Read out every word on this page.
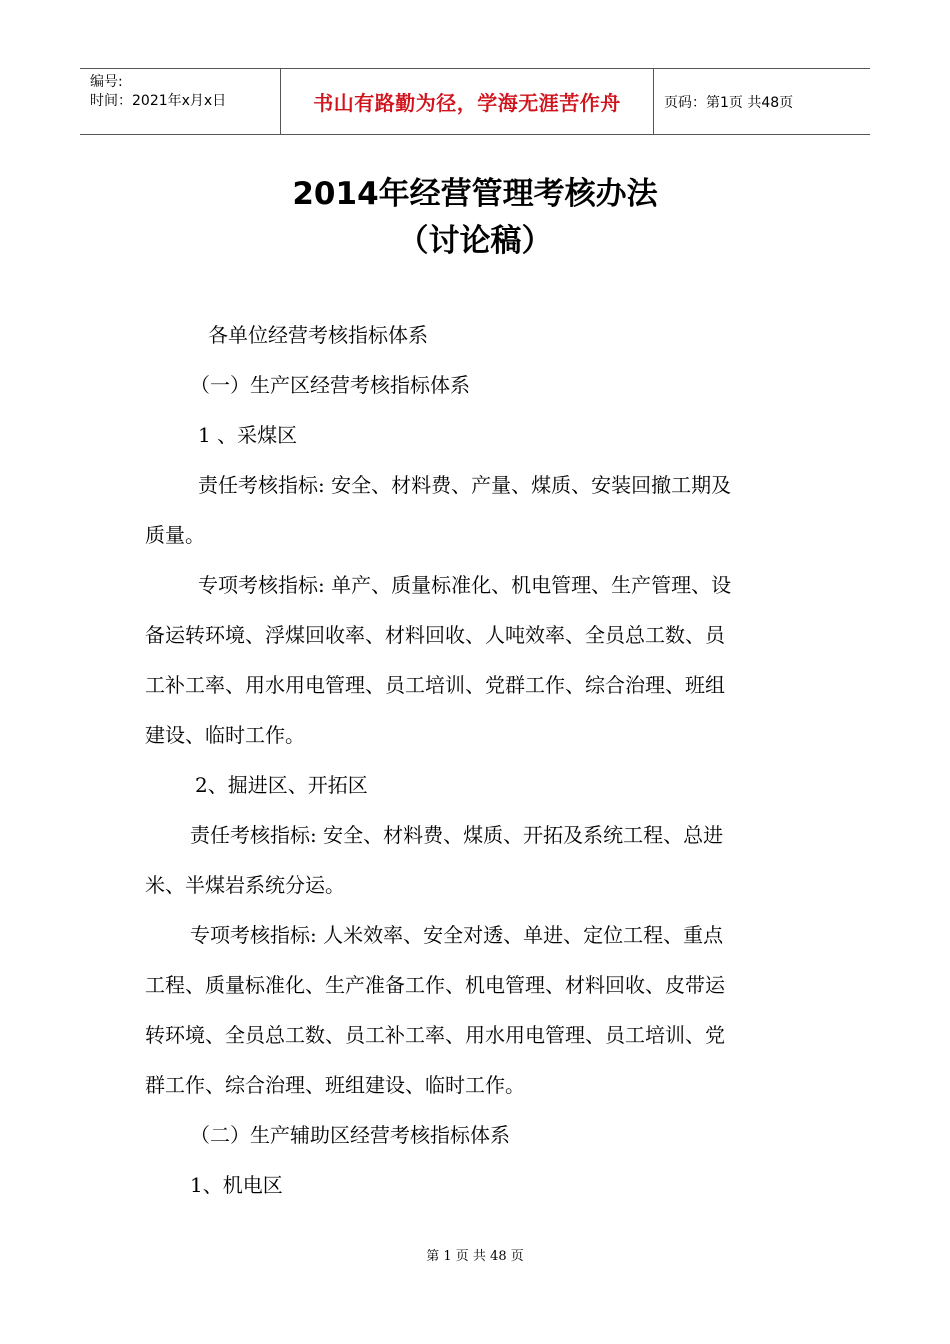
编号:
时间：2021年x月x日	书山有路勤为径，学海无涯苦作舟	页码：第1页 共48页
2014年经营管理考核办法
（讨论稿）
各单位经营考核指标体系
（一）生产区经营考核指标体系
1 、采煤区
责任考核指标: 安全、材料费、产量、煤质、安装回撤工期及
质量。
专项考核指标: 单产、质量标准化、机电管理、生产管理、设
备运转环境、浮煤回收率、材料回收、人吨效率、全员总工数、员
工补工率、用水用电管理、员工培训、党群工作、综合治理、班组
建设、临时工作。
2、掘进区、开拓区
责任考核指标: 安全、材料费、煤质、开拓及系统工程、总进
米、半煤岩系统分运。
专项考核指标: 人米效率、安全对透、单进、定位工程、重点
工程、质量标准化、生产准备工作、机电管理、材料回收、皮带运
转环境、全员总工数、员工补工率、用水用电管理、员工培训、党
群工作、综合治理、班组建设、临时工作。
（二）生产辅助区经营考核指标体系
1、机电区
第 1 页 共 48 页
